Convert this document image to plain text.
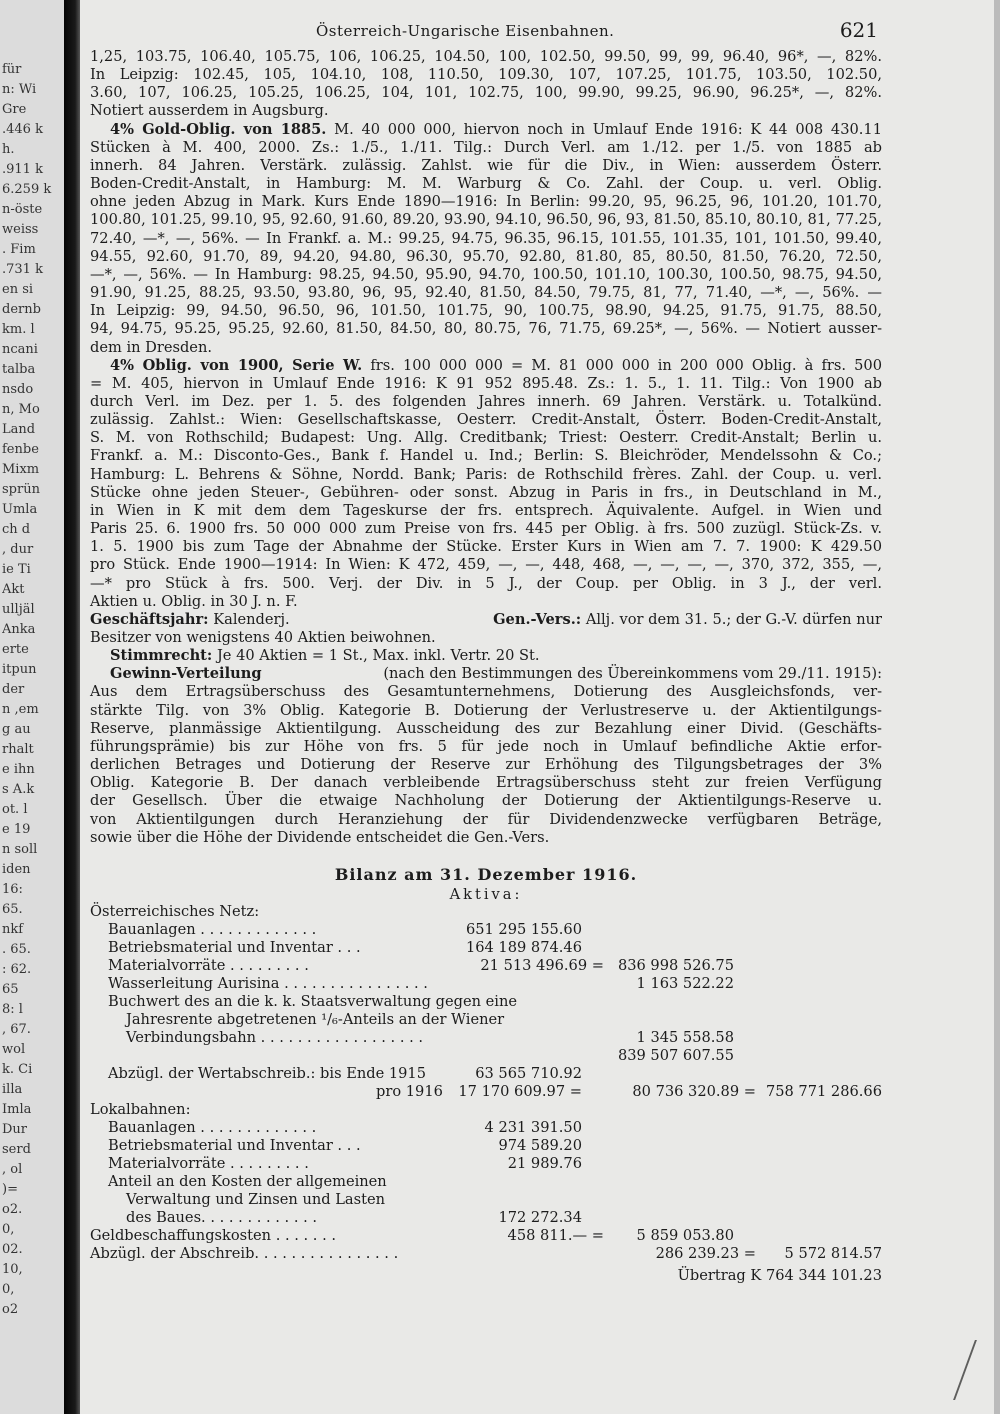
für
n: Wi
Gre
.446 k
h.
.911 k
6.259 k
n-öste
weiss
. Fim
.731 k
en si
dernb
km. l
ncani
talba
nsdo
n, Mo
Land
fenbe
Mixm
sprün
Umla
ch d
, dur
ie Ti
Akt
ulljäl
Anka
erte
itpun
der
n ,em
g au
rhalt
e ihn
s A.k
ot. l
e 19
n soll
iden
16:
65.
nkf
. 65.
: 62.
65
8: l
, 67.
wol
k. Ci
illa
Imla
Dur
serd
, ol
)=
o2.
0,
02.
10,
0,
o2
Österreich-Ungarische Eisenbahnen.	621

1,25, 103.75, 106.40, 105.75, 106, 106.25, 104.50, 100, 102.50, 99.50, 99, 99, 96.40, 96*, —, 82%.

In Leipzig: 102.45, 105, 104.10, 108, 110.50, 109.30, 107, 107.25, 101.75, 103.50, 102.50,

3.60, 107, 106.25, 105.25, 106.25, 104, 101, 102.75, 100, 99.90, 99.25, 96.90, 96.25*, —, 82%.

Notiert ausserdem in Augsburg.

4% Gold-Oblig. von 1885. M. 40 000 000, hiervon noch in Umlauf Ende 1916: K 44 008 430.11

Stücken à M. 400, 2000. Zs.: 1./5., 1./11. Tilg.: Durch Verl. am 1./12. per 1./5. von 1885 ab

innerh. 84 Jahren. Verstärk. zulässig. Zahlst. wie für die Div., in Wien: ausserdem Österr.

Boden-Credit-Anstalt, in Hamburg: M. M. Warburg & Co. Zahl. der Coup. u. verl. Oblig.

ohne jeden Abzug in Mark. Kurs Ende 1890—1916: In Berlin: 99.20, 95, 96.25, 96, 101.20, 101.70,

100.80, 101.25, 99.10, 95, 92.60, 91.60, 89.20, 93.90, 94.10, 96.50, 96, 93, 81.50, 85.10, 80.10, 81, 77.25,

72.40, —*, —, 56%. — In Frankf. a. M.: 99.25, 94.75, 96.35, 96.15, 101.55, 101.35, 101, 101.50, 99.40,

94.55, 92.60, 91.70, 89, 94.20, 94.80, 96.30, 95.70, 92.80, 81.80, 85, 80.50, 81.50, 76.20, 72.50,

—*, —, 56%. — In Hamburg: 98.25, 94.50, 95.90, 94.70, 100.50, 101.10, 100.30, 100.50, 98.75, 94.50,

91.90, 91.25, 88.25, 93.50, 93.80, 96, 95, 92.40, 81.50, 84.50, 79.75, 81, 77, 71.40, —*, —, 56%. —

In Leipzig: 99, 94.50, 96.50, 96, 101.50, 101.75, 90, 100.75, 98.90, 94.25, 91.75, 91.75, 88.50,

94, 94.75, 95.25, 95.25, 92.60, 81.50, 84.50, 80, 80.75, 76, 71.75, 69.25*, —, 56%. — Notiert ausser-

dem in Dresden.

4% Oblig. von 1900, Serie W. frs. 100 000 000 = M. 81 000 000 in 200 000 Oblig. à frs. 500

= M. 405, hiervon in Umlauf Ende 1916: K 91 952 895.48. Zs.: 1. 5., 1. 11. Tilg.: Von 1900 ab

durch Verl. im Dez. per 1. 5. des folgenden Jahres innerh. 69 Jahren. Verstärk. u. Totalkünd.

zulässig. Zahlst.: Wien: Gesellschaftskasse, Oesterr. Credit-Anstalt, Österr. Boden-Credit-Anstalt,

S. M. von Rothschild; Budapest: Ung. Allg. Creditbank; Triest: Oesterr. Credit-Anstalt; Berlin u.

Frankf. a. M.: Disconto-Ges., Bank f. Handel u. Ind.; Berlin: S. Bleichröder, Mendelssohn & Co.;

Hamburg: L. Behrens & Söhne, Nordd. Bank; Paris: de Rothschild frères. Zahl. der Coup. u. verl.

Stücke ohne jeden Steuer-, Gebühren- oder sonst. Abzug in Paris in frs., in Deutschland in M.,

in Wien in K mit dem dem Tageskurse der frs. entsprech. Äquivalente. Aufgel. in Wien und

Paris 25. 6. 1900 frs. 50 000 000 zum Preise von frs. 445 per Oblig. à frs. 500 zuzügl. Stück-Zs. v.

1. 5. 1900 bis zum Tage der Abnahme der Stücke. Erster Kurs in Wien am 7. 7. 1900: K 429.50

pro Stück. Ende 1900—1914: In Wien: K 472, 459, —, —, 448, 468, —, —, —, —, 370, 372, 355, —,

—* pro Stück à frs. 500. Verj. der Div. in 5 J., der Coup. per Oblig. in 3 J., der verl.

Aktien u. Oblig. in 30 J. n. F.

Geschäftsjahr: Kalenderj.	Gen.-Vers.: Allj. vor dem 31. 5.; der G.-V. dürfen nur

Besitzer von wenigstens 40 Aktien beiwohnen.

Stimmrecht: Je 40 Aktien = 1 St., Max. inkl. Vertr. 20 St.

Gewinn-Verteilung	(nach den Bestimmungen des Übereinkommens vom 29./11. 1915):

Aus dem Ertragsüberschuss des Gesamtunternehmens, Dotierung des Ausgleichsfonds, ver-

stärkte Tilg. von 3% Oblig. Kategorie B. Dotierung der Verlustreserve u. der Aktientilgungs-

Reserve, planmässige Aktientilgung. Ausscheidung des zur Bezahlung einer Divid. (Geschäfts-

führungsprämie) bis zur Höhe von frs. 5 für jede noch in Umlauf befindliche Aktie erfor-

derlichen Betrages und Dotierung der Reserve zur Erhöhung des Tilgungsbetrages der 3%

Oblig. Kategorie B. Der danach verbleibende Ertragsüberschuss steht zur freien Verfügung

der Gesellsch. Über die etwaige Nachholung der Dotierung der Aktientilgungs-Reserve u.

von Aktientilgungen durch Heranziehung der für Dividendenzwecke verfügbaren Beträge,

sowie über die Höhe der Dividende entscheidet die Gen.-Vers.

Bilanz am 31. Dezember 1916.
Aktiva:
Österreichisches Netz:
Bauanlagen . . . . . . . . . . . . .	651 295 155.60
Betriebsmaterial und Inventar . . .	164 189 874.46
Materialvorräte . . . . . . . . .	21 513 496.69 = 836 998 526.75
Wasserleitung Aurisina . . . . . . . . . . . . . . . .	1 163 522.22
Buchwert des an die k. k. Staatsverwaltung gegen eine
Jahresrente abgetretenen ¹/₆-Anteils an der Wiener
Verbindungsbahn . . . . . . . . . . . . . . . . . .	1 345 558.58
839 507 607.55
Abzügl. der Wertabschreib.: bis Ende 1915	63 565 710.92
pro 1916 17 170 609.97 =	80 736 320.89 = 758 771 286.66
Lokalbahnen:
Bauanlagen . . . . . . . . . . . . .	4 231 391.50
Betriebsmaterial und Inventar . . .	974 589.20
Materialvorräte . . . . . . . . .	21 989.76
Anteil an den Kosten der allgemeinen
Verwaltung und Zinsen und Lasten
des Baues. . . . . . . . . . . . .	172 272.34
Geldbeschaffungskosten . . . . . . .	458 811.— = 5 859 053.80
Abzügl. der Abschreib. . . . . . . . . . . . . . . .	286 239.23 = 5 572 814.57
Übertrag K 764 344 101.23
